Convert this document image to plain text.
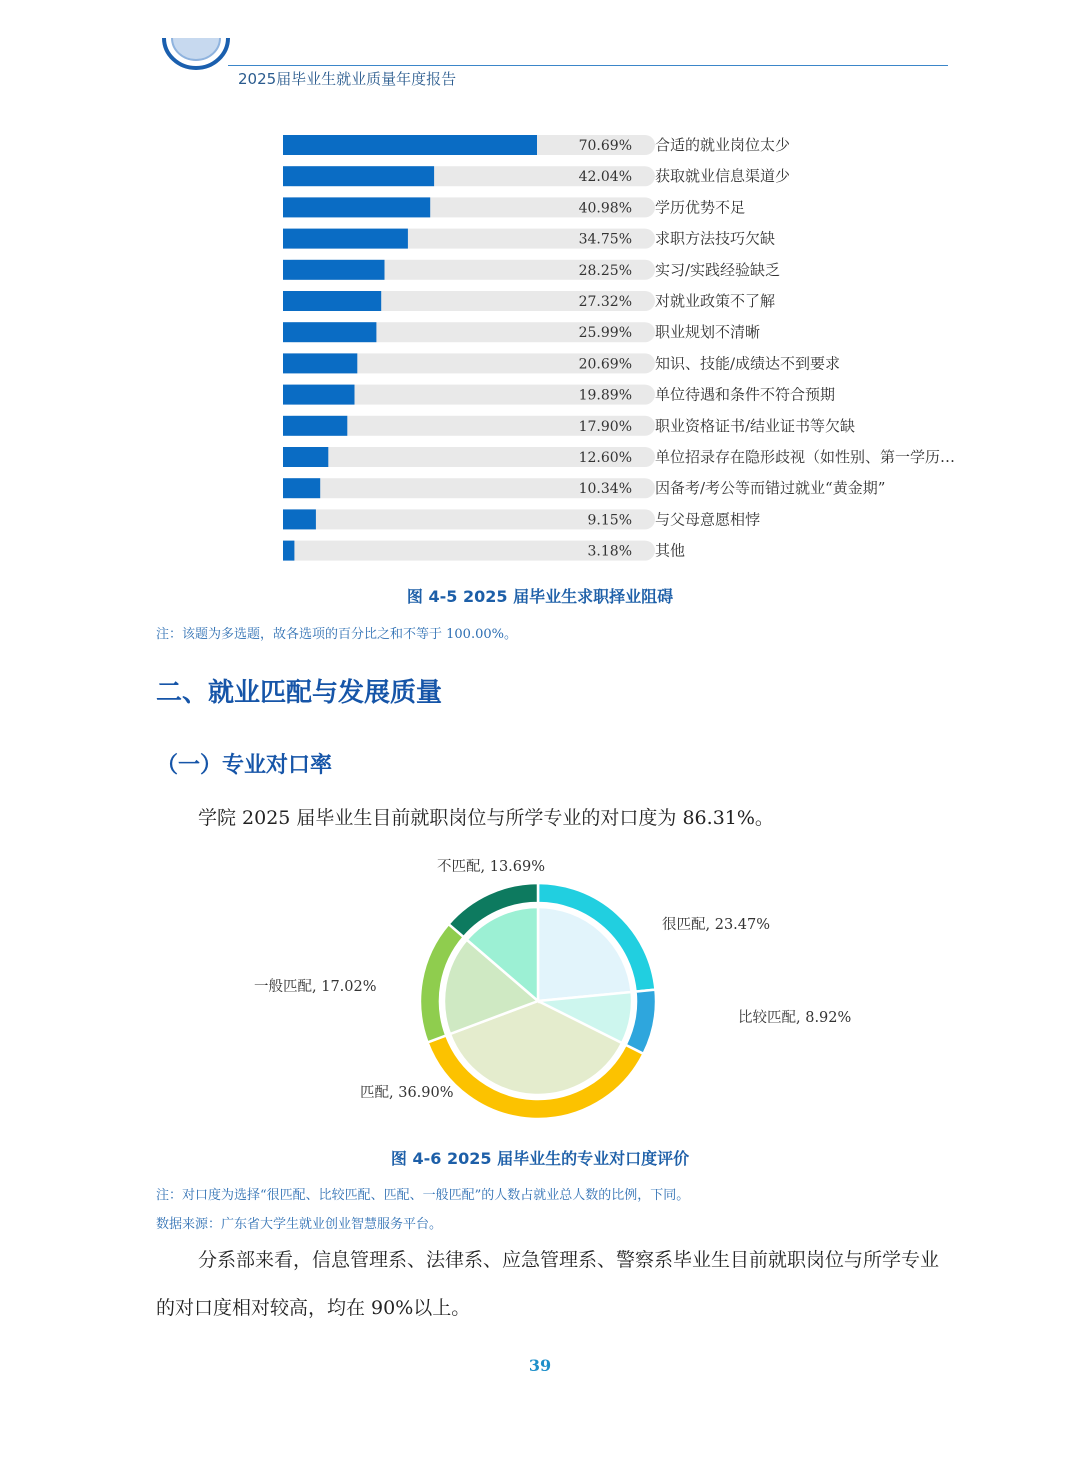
2025届毕业生就业质量年度报告
70.69% 合适的就业岗位太少
42.04% 获取就业信息渠道少
40.98% 学历优势不足
34.75% 求职方法技巧欠缺
28.25% 实习/实践经验缺乏
27.32% 对就业政策不了解
25.99% 职业规划不清晰
20.69% 知识、技能/成绩达不到要求
19.89% 单位待遇和条件不符合预期
17.90% 职业资格证书/结业证书等欠缺
12.60% 单位招录存在隐形歧视（如性别、第一学历…
10.34% 因备考/考公等而错过就业“黄金期”
9.15% 与父母意愿相悖
3.18% 其他
图 4-5 2025 届毕业生求职择业阻碍
注：该题为多选题，故各选项的百分比之和不等于 100.00%。
二、就业匹配与发展质量
（一）专业对口率
学院 2025 届毕业生目前就职岗位与所学专业的对口度为 86.31%。
很匹配, 23.47%
比较匹配, 8.92%
匹配, 36.90%
一般匹配, 17.02%
不匹配, 13.69%
图 4-6 2025 届毕业生的专业对口度评价
注：对口度为选择“很匹配、比较匹配、匹配、一般匹配”的人数占就业总人数的比例，下同。
数据来源：广东省大学生就业创业智慧服务平台。
分系部来看，信息管理系、法律系、应急管理系、警察系毕业生目前就职岗位与所学专业的对口度相对较高，均在 90%以上。
39
